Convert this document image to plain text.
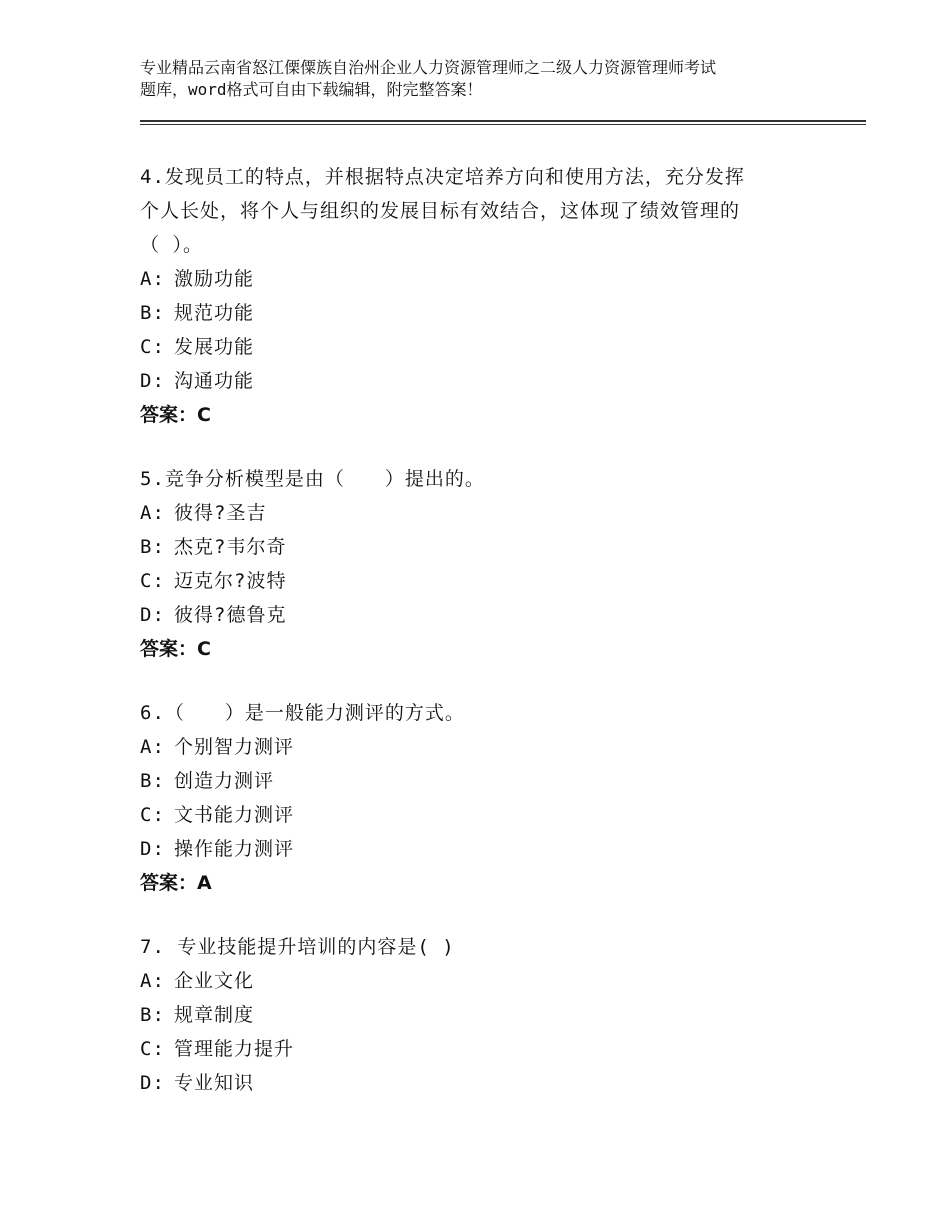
专业精品云南省怒江傈僳族自治州企业人力资源管理师之二级人力资源管理师考试
题库，word格式可自由下载编辑，附完整答案！

4.发现员工的特点，并根据特点决定培养方向和使用方法，充分发挥
个人长处，将个人与组织的发展目标有效结合，这体现了绩效管理的
（ ）。

A: 激励功能
B: 规范功能
C: 发展功能
D: 沟通功能
答案：C

5.竞争分析模型是由（　　）提出的。

A: 彼得?圣吉
B: 杰克?韦尔奇
C: 迈克尔?波特
D: 彼得?德鲁克
答案：C

6.（　　）是一般能力测评的方式。

A: 个别智力测评
B: 创造力测评
C: 文书能力测评
D: 操作能力测评
答案：A

7. 专业技能提升培训的内容是( )

A: 企业文化
B: 规章制度
C: 管理能力提升
D: 专业知识
